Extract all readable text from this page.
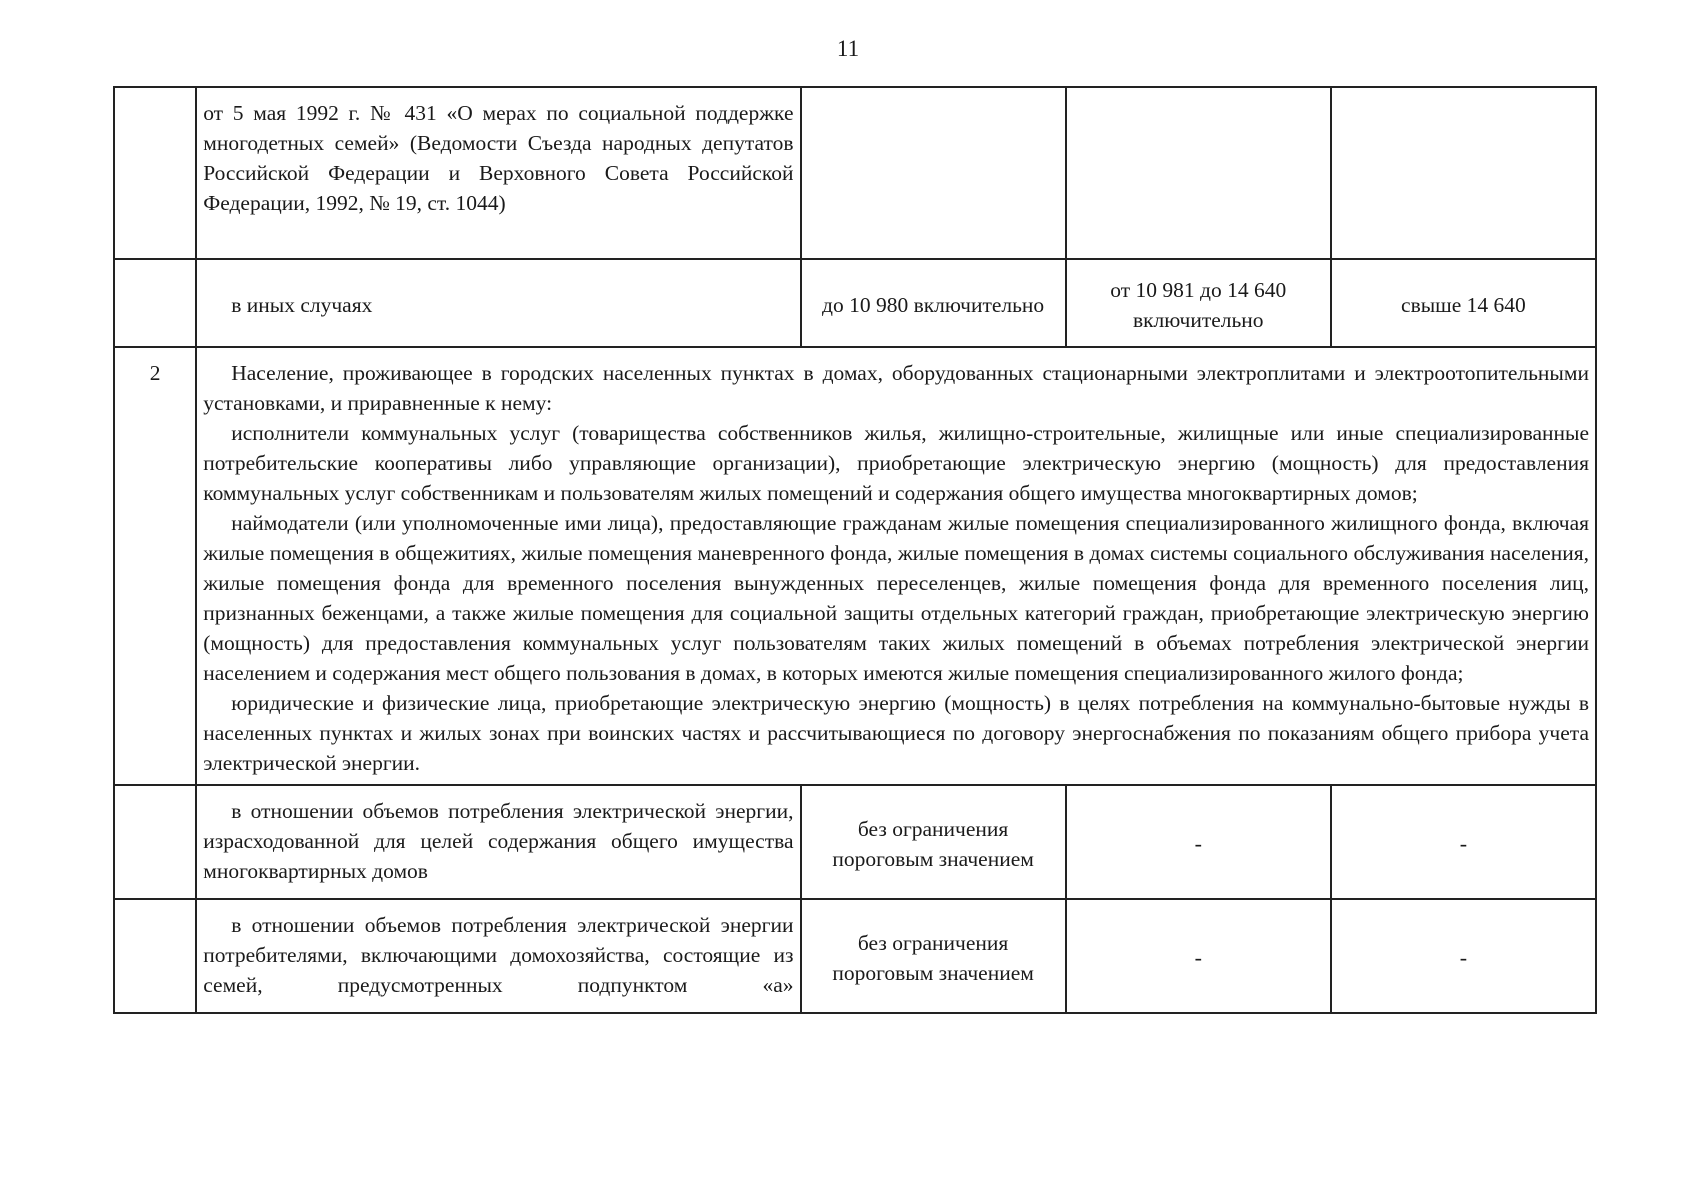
11
	от 5 мая 1992 г. № 431 «О мерах по социальной поддержке многодетных семей» (Ведомости Съезда народных депутатов Российской Федерации и Верховного Совета Российской Федерации, 1992, № 19, ст. 1044)			
	в иных случаях	до 10 980 включительно	от 10 981 до 14 640 включительно	свыше 14 640
2	Население, проживающее в городских населенных пунктах в домах, оборудованных стационарными электроплитами и электроотопительными установками, и приравненные к нему:

исполнители коммунальных услуг (товарищества собственников жилья, жилищно-строительные, жилищные или иные специализированные потребительские кооперативы либо управляющие организации), приобретающие электрическую энергию (мощность) для предоставления коммунальных услуг собственникам и пользователям жилых помещений и содержания общего имущества многоквартирных домов;

наймодатели (или уполномоченные ими лица), предоставляющие гражданам жилые помещения специализированного жилищного фонда, включая жилые помещения в общежитиях, жилые помещения маневренного фонда, жилые помещения в домах системы социального обслуживания населения, жилые помещения фонда для временного поселения вынужденных переселенцев, жилые помещения фонда для временного поселения лиц, признанных беженцами, а также жилые помещения для социальной защиты отдельных категорий граждан, приобретающие электрическую энергию (мощность) для предоставления коммунальных услуг пользователям таких жилых помещений в объемах потребления электрической энергии населением и содержания мест общего пользования в домах, в которых имеются жилые помещения специализированного жилого фонда;

юридические и физические лица, приобретающие электрическую энергию (мощность) в целях потребления на коммунально-бытовые нужды в населенных пунктах и жилых зонах при воинских частях и рассчитывающиеся по договору энергоснабжения по показаниям общего прибора учета электрической энергии.			

	в отношении объемов потребления электрической энергии, израсходованной для целей содержания общего имущества многоквартирных домов	без ограничения пороговым значением	-	-
	в отношении объемов потребления электрической энергии потребителями, включающими домохозяйства, состоящие из семей, предусмотренных подпунктом «а»	без ограничения пороговым значением	-	-
